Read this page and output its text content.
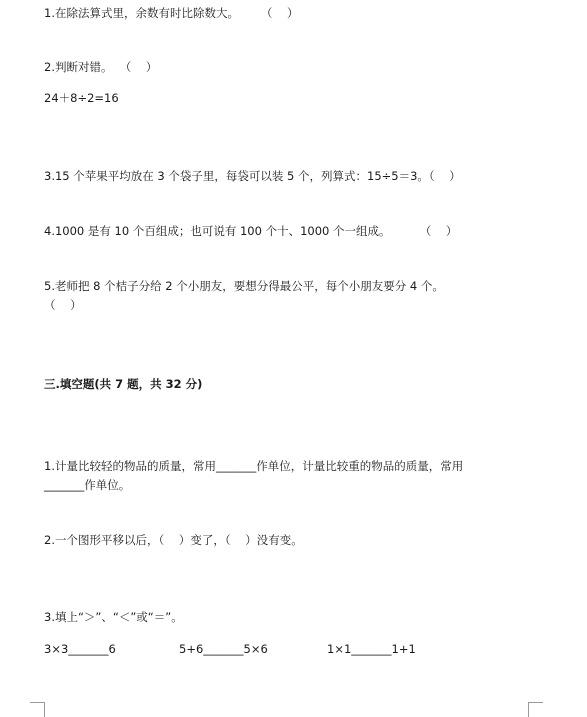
1.在除法算式里，余数有时比除数大。      （    ）
2.判断对错。  （    ）
24＋8÷2=16
3.15 个苹果平均放在 3 个袋子里，每袋可以装 5 个，列算式：15÷5＝3。（    ）
4.1000 是有 10 个百组成；也可说有 100 个十、1000 个一组成。        （    ）
5.老师把 8 个桔子分给 2 个小朋友，要想分得最公平，每个小朋友要分 4 个。
（    ）
三.填空题(共 7 题，共 32 分)
1.计量比较轻的物品的质量，常用_______作单位，计量比较重的物品的质量，常用
_______作单位。
2.一个图形平移以后，（    ）变了，（    ）没有变。
3.填上“＞”、“＜”或“＝”。
3×3_______6	5+6_______5×6	1×1_______1+1
